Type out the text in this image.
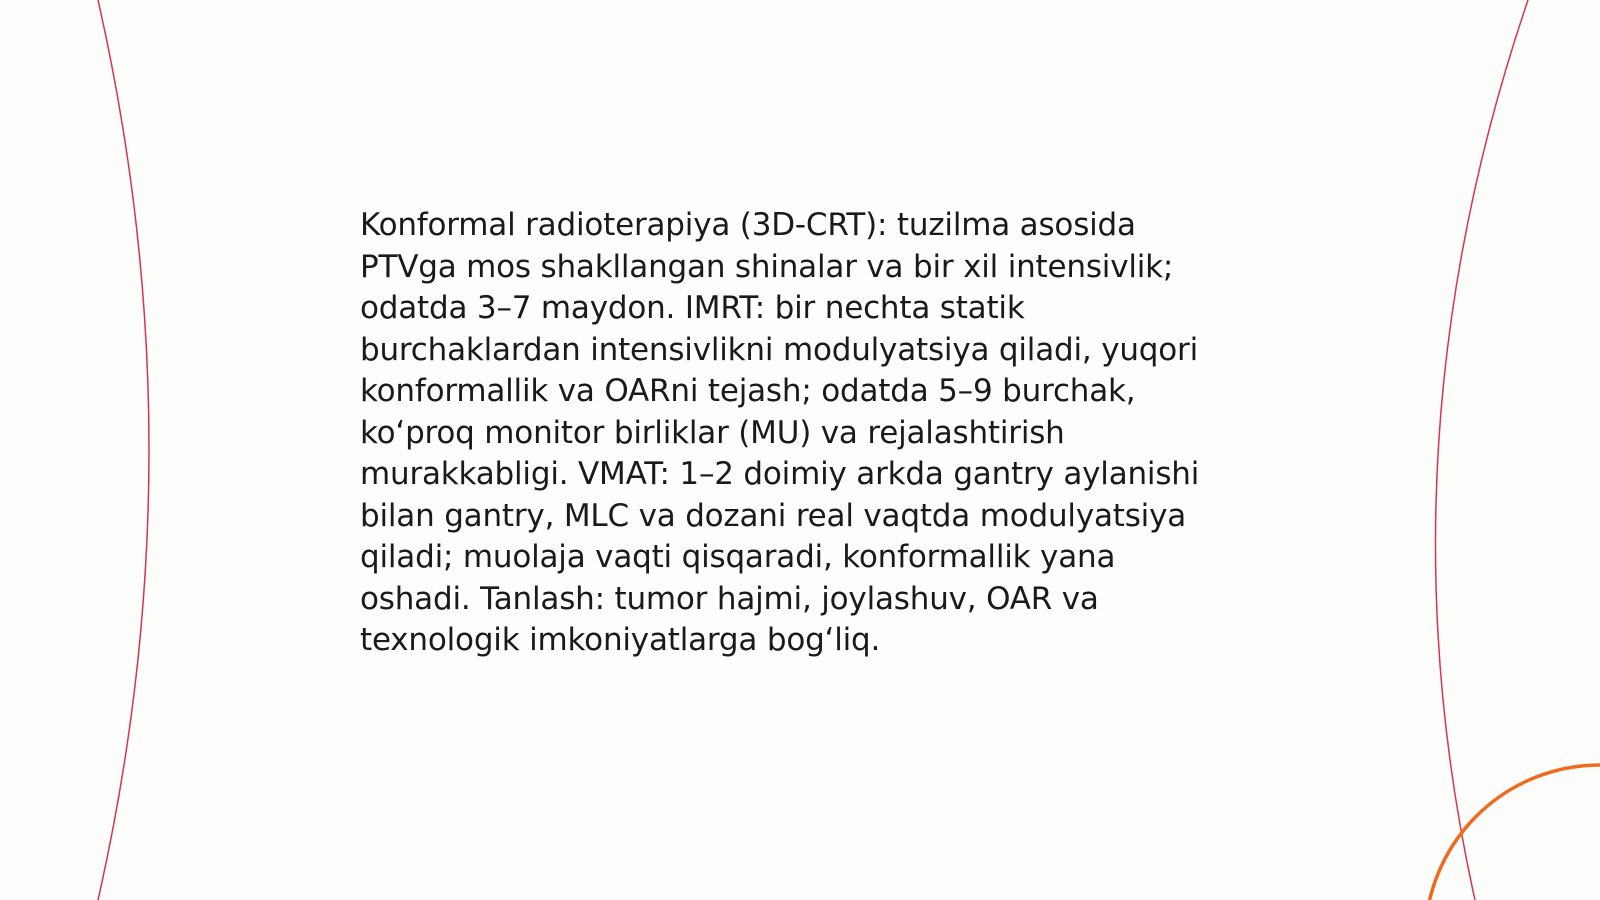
Konformal radioterapiya (3D-CRT): tuzilma asosida PTVga mos shakllangan shinalar va bir xil intensivlik; odatda 3–7 maydon. IMRT: bir nechta statik burchaklardan intensivlikni modulyatsiya qiladi, yuqori konformallik va OARni tejash; odatda 5–9 burchak, koʻproq monitor birliklar (MU) va rejalashtirish murakkabligi. VMAT: 1–2 doimiy arkda gantry aylanishi bilan gantry, MLC va dozani real vaqtda modulyatsiya qiladi; muolaja vaqti qisqaradi, konformallik yana oshadi. Tanlash: tumor hajmi, joylashuv, OAR va texnologik imkoniyatlarga bogʻliq.
